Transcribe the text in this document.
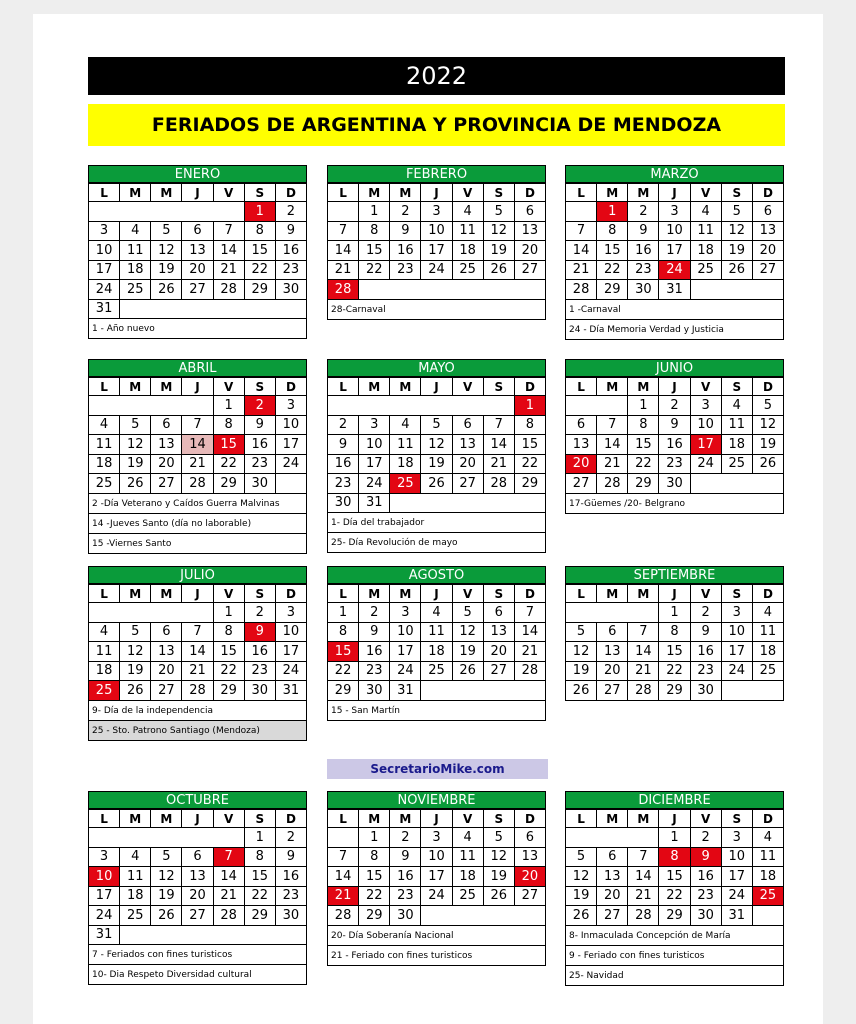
2022
FERIADOS DE ARGENTINA Y PROVINCIA DE MENDOZA
ENERO
L	M	M	J	V	S	D
					1	2
3	4	5	6	7	8	9
10	11	12	13	14	15	16
17	18	19	20	21	22	23
24	25	26	27	28	29	30
31						
1 - Año nuevo
FEBRERO
L	M	M	J	V	S	D
	1	2	3	4	5	6
7	8	9	10	11	12	13
14	15	16	17	18	19	20
21	22	23	24	25	26	27
28						
28-Carnaval
MARZO
L	M	M	J	V	S	D
	1	2	3	4	5	6
7	8	9	10	11	12	13
14	15	16	17	18	19	20
21	22	23	24	25	26	27
28	29	30	31			
1 -Carnaval
24 - Día Memoria Verdad y Justicia
ABRIL
L	M	M	J	V	S	D
				1	2	3
4	5	6	7	8	9	10
11	12	13	14	15	16	17
18	19	20	21	22	23	24
25	26	27	28	29	30	
2 -Día Veterano y Caídos Guerra Malvinas
14 -Jueves Santo (día no laborable)
15 -Viernes Santo
MAYO
L	M	M	J	V	S	D
						1
2	3	4	5	6	7	8
9	10	11	12	13	14	15
16	17	18	19	20	21	22
23	24	25	26	27	28	29
30	31					
1- Día del trabajador
25- Día Revolución de mayo
JUNIO
L	M	M	J	V	S	D
		1	2	3	4	5
6	7	8	9	10	11	12
13	14	15	16	17	18	19
20	21	22	23	24	25	26
27	28	29	30			
17-Güemes /20- Belgrano
JULIO
L	M	M	J	V	S	D
				1	2	3
4	5	6	7	8	9	10
11	12	13	14	15	16	17
18	19	20	21	22	23	24
25	26	27	28	29	30	31
9- Día de la independencia
25 - Sto. Patrono Santiago (Mendoza)
AGOSTO
L	M	M	J	V	S	D
1	2	3	4	5	6	7
8	9	10	11	12	13	14
15	16	17	18	19	20	21
22	23	24	25	26	27	28
29	30	31				
15 - San Martín
SEPTIEMBRE
L	M	M	J	V	S	D
			1	2	3	4
5	6	7	8	9	10	11
12	13	14	15	16	17	18
19	20	21	22	23	24	25
26	27	28	29	30		
OCTUBRE
L	M	M	J	V	S	D
					1	2
3	4	5	6	7	8	9
10	11	12	13	14	15	16
17	18	19	20	21	22	23
24	25	26	27	28	29	30
31						
7 - Feriados con fines turisticos
10- Dia Respeto Diversidad cultural
NOVIEMBRE
L	M	M	J	V	S	D
	1	2	3	4	5	6
7	8	9	10	11	12	13
14	15	16	17	18	19	20
21	22	23	24	25	26	27
28	29	30				
20- Día Soberanía Nacional
21 - Feriado con fines turisticos
DICIEMBRE
L	M	M	J	V	S	D
			1	2	3	4
5	6	7	8	9	10	11
12	13	14	15	16	17	18
19	20	21	22	23	24	25
26	27	28	29	30	31	
8- Inmaculada Concepción de María
9 - Feriado con fines turisticos
25- Navidad
SecretarioMike.com
